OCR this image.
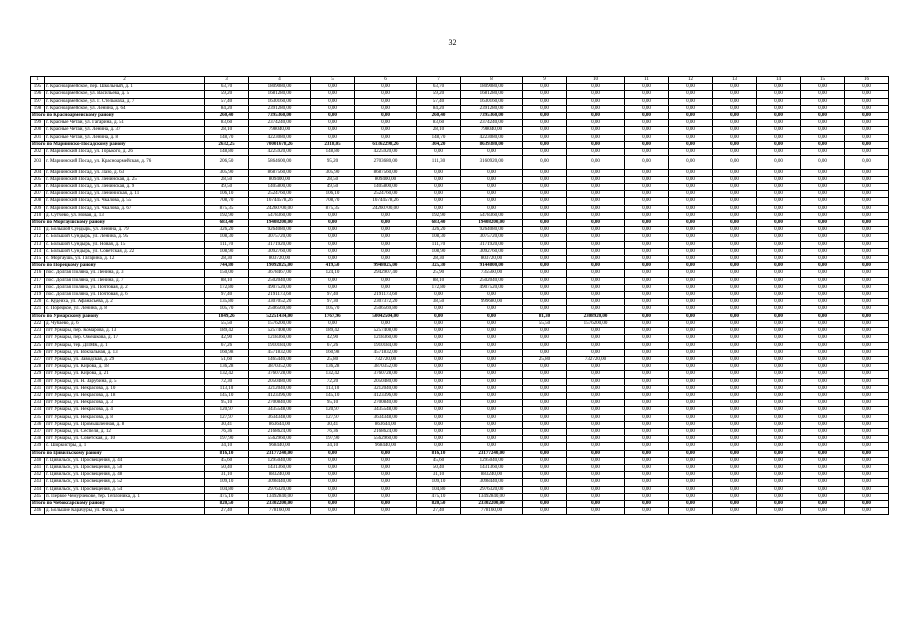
32
1	2	3	4	5	6	7	8	9	10	11	12	13	14	15	16
195	г. Красноармейское, пер. Школьный, д. 1	63,70	1809080,00	0,00	0,00	63,70	1809080,00	0,00	0,00	0,00	0,00	0,00	0,00	0,00	0,00
196	г. Красноармейское, ул. Васильева, д. 5	59,20	1681280,00	0,00	0,00	59,20	1681280,00	0,00	0,00	0,00	0,00	0,00	0,00	0,00	0,00
197	г. Красноармейское, ул. Г. Стельмаха, д. 7	57,40	1630160,00	0,00	0,00	57,40	1630160,00	0,00	0,00	0,00	0,00	0,00	0,00	0,00	0,00
198	г. Красноармейское, ул. Ленина, д. 64	84,20	2391280,00	0,00	0,00	84,20	2391280,00	0,00	0,00	0,00	0,00	0,00	0,00	0,00	0,00
Итого по Красноармейскому району		260,40	7395360,00	0,00	0,00	260,40	7395360,00	0,00	0,00	0,00	0,00	0,00	0,00	0,00	0,00
199	г. Красные Четаи, ул. Гагарина, д. 51	83,60	2374240,00	0,00	0,00	83,60	2374240,00	0,00	0,00	0,00	0,00	0,00	0,00	0,00	0,00
200	г. Красные Четаи, ул. Ленина, д. 37	28,10	798040,00	0,00	0,00	28,10	798040,00	0,00	0,00	0,00	0,00	0,00	0,00	0,00	0,00
201	г. Красные Четаи, ул. Ленина, д. 8	148,70	4223080,00	0,00	0,00	148,70	4223080,00	0,00	0,00	0,00	0,00	0,00	0,00	0,00	0,00
Итого по Мариинско-Посадскому району		2632,25	70001678,26	2318,05	61362298,26	304,20	8639380,00	0,00	0,00	0,00	0,00	0,00	0,00	0,00	0,00
202	г. Мариинский Посад, ул. Горького, д. 26	148,80	4225920,00	148,80	4225920,00	0,00	0,00	0,00	0,00	0,00	0,00	0,00	0,00	0,00	0,00
203	г. Мариинский Посад, ул. Красноармейская, д. 76	206,50	5864600,00	95,20	2703680,00	111,30	3160920,00	0,00	0,00	0,00	0,00	0,00	0,00	0,00	0,00
204	г. Мариинский Посад, ул. Лазо, д. 63	305,90	8687560,00	305,90	8687560,00	0,00	0,00	0,00	0,00	0,00	0,00	0,00	0,00	0,00	0,00
205	г. Мариинский Посад, ул. Ленинская, д. 25	28,50	809400,00	28,50	809400,00	0,00	0,00	0,00	0,00	0,00	0,00	0,00	0,00	0,00	0,00
206	г. Мариинский Посад, ул. Ленинская, д. 9	49,50	1405800,00	49,50	1405800,00	0,00	0,00	0,00	0,00	0,00	0,00	0,00	0,00	0,00	0,00
207	г. Мариинский Посад, ул. Лениниская, д. 11	106,10	2524760,00	106,10	2524760,00	0,00	0,00	0,00	0,00	0,00	0,00	0,00	0,00	0,00	0,00
208	г. Мариинский Посад, ул. Чкалова, д. 55	708,70	16744578,26	708,70	16744578,26	0,00	0,00	0,00	0,00	0,00	0,00	0,00	0,00	0,00	0,00
209	г. Мариинский Посад, ул. Чкалова, д. 67	875,35	24260700,00	875,35	24260700,00	0,00	0,00	0,00	0,00	0,00	0,00	0,00	0,00	0,00	0,00
210	д. Сутчево, ул. Новая, д. 13	192,90	5478360,00	0,00	0,00	192,90	5478360,00	0,00	0,00	0,00	0,00	0,00	0,00	0,00	0,00
Итого по Моргаушскому району		683,40	19408200,00	0,00	0,00	683,40	19408200,00	0,00	0,00	0,00	0,00	0,00	0,00	0,00	0,00
211	д. Большой Сундырь, ул. Ленина, д. 79	326,20	9264080,00	0,00	0,00	326,20	9264080,00	0,00	0,00	0,00	0,00	0,00	0,00	0,00	0,00
212	с. Большой Сундырь, ул. Ленина, д. 95	108,30	3075720,00	0,00	0,00	108,30	3075720,00	0,00	0,00	0,00	0,00	0,00	0,00	0,00	0,00
213	с. Большой Сундырь, ул. Новая, д. 15	111,70	3171920,00	0,00	0,00	111,70	3171920,00	0,00	0,00	0,00	0,00	0,00	0,00	0,00	0,00
214	с. Большой Сундырь, ул. Советская, д. 22	108,90	3092760,00	0,00	0,00	108,90	3092760,00	0,00	0,00	0,00	0,00	0,00	0,00	0,00	0,00
215	с. Моргаушь, ул. Гагарина, д. 12	28,30	803720,00	0,00	0,00	28,30	803720,00	0,00	0,00	0,00	0,00	0,00	0,00	0,00	0,00
Итого по Порецкому району		744,80	19092825,00	419,50	9948025,00	325,30	9144800,00	0,00	0,00	0,00	0,00	0,00	0,00	0,00	0,00
216	пос. Долгая Поляна, ул. Ленина, д. 3	150,00	3678467,00	124,10	2942907,40	25,90	735560,00	0,00	0,00	0,00	0,00	0,00	0,00	0,00	0,00
217	пос. Долгая Поляна, ул. Ленина, д. 7	88,10	2502040,00	0,00	0,00	88,10	2502040,00	0,00	0,00	0,00	0,00	0,00	0,00	0,00	0,00
218	пос. Долгая Поляна, ул. Почтовая, д. 2	172,80	4907520,00	0,00	0,00	172,80	4907520,00	0,00	0,00	0,00	0,00	0,00	0,00	0,00	0,00
219	пос. Долгая Поляна, ул. Почтовая, д. 6	97,40	2191173,60	97,40	2191173,60	0,00	0,00	0,00	0,00	0,00	0,00	0,00	0,00	0,00	0,00
220	с. Кудеиха, ул. Афанасьева, д. 2	135,80	3307052,20	97,30	2307372,20	38,50	999680,00	0,00	0,00	0,00	0,00	0,00	0,00	0,00	0,00
221	с. Порецкое, ул. Ленина, д. 8	105,70	2506569,80	105,70	2506569,80	0,00	0,00	0,00	0,00	0,00	0,00	0,00	0,00	0,00	0,00
Итого по Урмарскому району		1849,26	52251434,00	1767,96	50042504,00	0,00	0,00	81,30	2308920,00	0,00	0,00	0,00	0,00	0,00	0,00
222	д. Чубаево, д. 6	55,50	1576200,00	0,00	0,00	0,00	0,00	55,50	1576200,00	0,00	0,00	0,00	0,00	0,00	0,00
223	пгт Урмары, пер. Комарова, д. 13	189,42	5257408,00	189,42	5257408,00	0,00	0,00	0,00	0,00	0,00	0,00	0,00	0,00	0,00	0,00
224	пгт Урмары, пер. Ожешкова, д. 17	42,90	1218360,00	42,90	1218360,00	0,00	0,00	0,00	0,00	0,00	0,00	0,00	0,00	0,00	0,00
225	пгт Урмары, тер. ДПМК, д. 1	67,26	1910184,00	67,26	1910184,00	0,00	0,00	0,00	0,00	0,00	0,00	0,00	0,00	0,00	0,00
226	пгт Урмары, ул. Вокзальная, д. 13	160,98	4571832,00	160,98	4571832,00	0,00	0,00	0,00	0,00	0,00	0,00	0,00	0,00	0,00	0,00
227	пгт Урмары, ул. Заводская, д. 29	51,60	1465440,00	25,80	732720,00	0,00	0,00	25,80	732720,00	0,00	0,00	0,00	0,00	0,00	0,00
228	пгт Урмары, ул. Кирова, д. 18	136,28	3870352,00	136,28	3870352,00	0,00	0,00	0,00	0,00	0,00	0,00	0,00	0,00	0,00	0,00
229	пгт Урмары, ул. Кирова, д. 21	132,42	3760728,00	132,42	3760728,00	0,00	0,00	0,00	0,00	0,00	0,00	0,00	0,00	0,00	0,00
230	пгт Урмары, ул. Н. Зарубина, д. 5	72,30	2050480,00	72,20	2050480,00	0,00	0,00	0,00	0,00	0,00	0,00	0,00	0,00	0,00	0,00
231	пгт Урмары, ул. Некрасова, д. 10	113,10	3212040,00	113,10	3212040,00	0,00	0,00	0,00	0,00	0,00	0,00	0,00	0,00	0,00	0,00
232	пгт Урмары, ул. Некрасова, д. 18	145,10	4123396,00	145,10	4123396,00	0,00	0,00	0,00	0,00	0,00	0,00	0,00	0,00	0,00	0,00
233	пгт Урмары, ул. Некрасова, д. 3	95,10	2700840,00	95,10	2700840,00	0,00	0,00	0,00	0,00	0,00	0,00	0,00	0,00	0,00	0,00
234	пгт Урмары, ул. Некрасова, д. 4	120,97	3435548,00	120,97	3435548,00	0,00	0,00	0,00	0,00	0,00	0,00	0,00	0,00	0,00	0,00
235	пгт Урмары, ул. Некрасова, д. 8	127,97	3634348,00	127,97	3634348,00	0,00	0,00	0,00	0,00	0,00	0,00	0,00	0,00	0,00	0,00
236	пгт Урмары, ул. Промышленная, д. 8	30,41	863644,00	30,41	863644,00	0,00	0,00	0,00	0,00	0,00	0,00	0,00	0,00	0,00	0,00
237	пгт Урмары, ул. Сеспеля, д. 12	76,36	2168624,00	76,36	2168624,00	0,00	0,00	0,00	0,00	0,00	0,00	0,00	0,00	0,00	0,00
238	пгт Урмары, ул. Советская, д. 10	197,90	5562960,00	197,90	5562960,00	0,00	0,00	0,00	0,00	0,00	0,00	0,00	0,00	0,00	0,00
239	с. Шоркистры, д. 1	34,10	968440,00	34,10	968440,00	0,00	0,00	0,00	0,00	0,00	0,00	0,00	0,00	0,00	0,00
Итого по Цивильскому району		816,10	23177240,00	0,00	0,00	816,10	23177240,00	0,00	0,00	0,00	0,00	0,00	0,00	0,00	0,00
240	г. Цивильск, ул. Просвещения, д. 44	45,60	1295040,00	0,00	0,00	45,60	1295040,00	0,00	0,00	0,00	0,00	0,00	0,00	0,00	0,00
241	г. Цивильск, ул. Просвещения, д. 50	50,40	1431360,00	0,00	0,00	50,40	1431360,00	0,00	0,00	0,00	0,00	0,00	0,00	0,00	0,00
242	г. Цивильск, ул. Просвещения, д. 48	31,10	883240,00	0,00	0,00	31,10	883240,00	0,00	0,00	0,00	0,00	0,00	0,00	0,00	0,00
243	г. Цивильск, ул. Просвещения, д. 52	109,10	3098440,00	0,00	0,00	109,10	3098440,00	0,00	0,00	0,00	0,00	0,00	0,00	0,00	0,00
244	г. Цивильск, ул. Просвещения, д. 54	104,80	2976320,00	0,00	0,00	104,80	2976320,00	0,00	0,00	0,00	0,00	0,00	0,00	0,00	0,00
245	п. Первое Чемурчекове, тер. Теплоника, д. 1	475,10	13492840,00	0,00	0,00	475,10	13492840,00	0,00	0,00	0,00	0,00	0,00	0,00	0,00	0,00
Итого по Чебоксарскому району		820,50	23302200,00	0,00	0,00	820,50	23302200,00	0,00	0,00	0,00	0,00	0,00	0,00	0,00	0,00
246	д. Большие Карачуры, ул. Фаза, д. 5а	27,40	778160,00	0,00	0,00	27,40	778160,00	0,00	0,00	0,00	0,00	0,00	0,00	0,00	0,00
